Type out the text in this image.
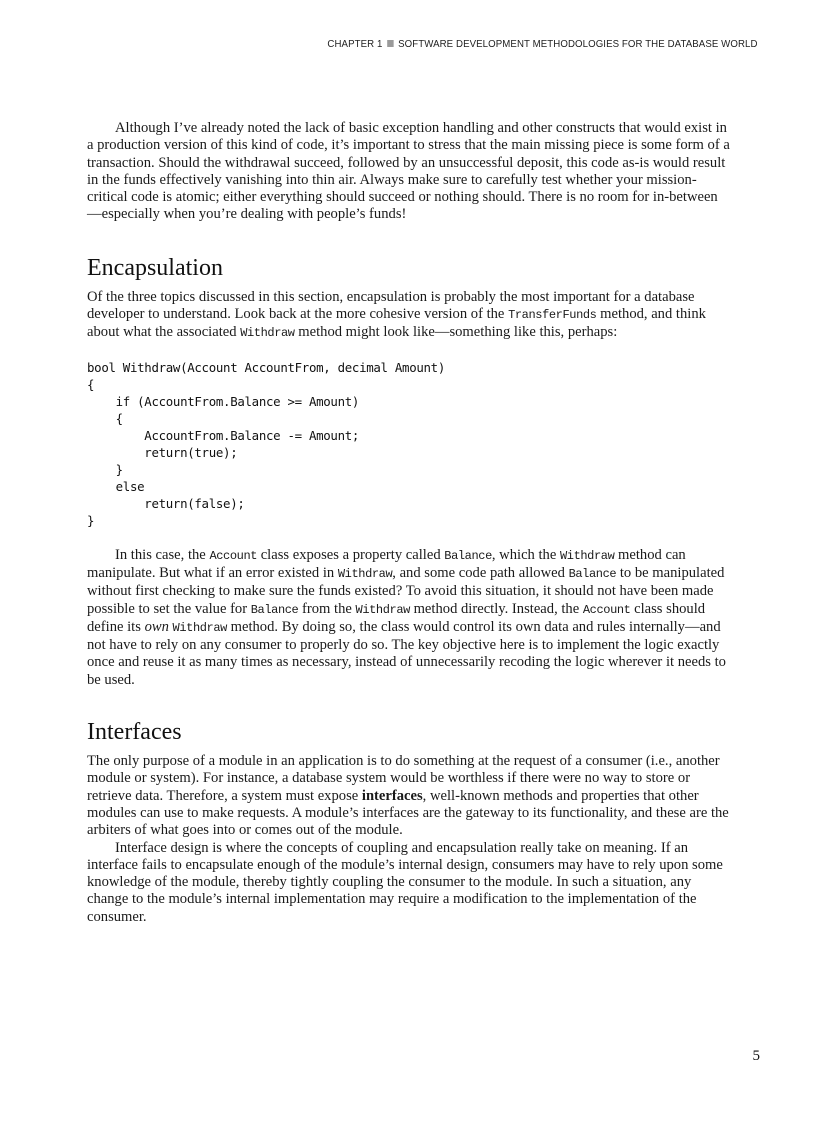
CHAPTER 1 SOFTWARE DEVELOPMENT METHODOLOGIES FOR THE DATABASE WORLD

Although I’ve already noted the lack of basic exception handling and other constructs that would exist in a production version of this kind of code, it’s important to stress that the main missing piece is some form of a transaction. Should the withdrawal succeed, followed by an unsuccessful deposit, this code as-is would result in the funds effectively vanishing into thin air. Always make sure to carefully test whether your mission-critical code is atomic; either everything should succeed or nothing should. There is no room for in-between—especially when you’re dealing with people’s funds!

Encapsulation

Of the three topics discussed in this section, encapsulation is probably the most important for a database developer to understand. Look back at the more cohesive version of the TransferFunds method, and think about what the associated Withdraw method might look like—something like this, perhaps:

bool Withdraw(Account AccountFrom, decimal Amount)
{
if (AccountFrom.Balance >= Amount)
{
AccountFrom.Balance -= Amount;
return(true);
}
else
return(false);
}

In this case, the Account class exposes a property called Balance, which the Withdraw method can manipulate. But what if an error existed in Withdraw, and some code path allowed Balance to be manipulated without first checking to make sure the funds existed? To avoid this situation, it should not have been made possible to set the value for Balance from the Withdraw method directly. Instead, the Account class should define its own Withdraw method. By doing so, the class would control its own data and rules internally—and not have to rely on any consumer to properly do so. The key objective here is to implement the logic exactly once and reuse it as many times as necessary, instead of unnecessarily recoding the logic wherever it needs to be used.

Interfaces

The only purpose of a module in an application is to do something at the request of a consumer (i.e., another module or system). For instance, a database system would be worthless if there were no way to store or retrieve data. Therefore, a system must expose interfaces, well-known methods and properties that other modules can use to make requests. A module’s interfaces are the gateway to its functionality, and these are the arbiters of what goes into or comes out of the module.

Interface design is where the concepts of coupling and encapsulation really take on meaning. If an interface fails to encapsulate enough of the module’s internal design, consumers may have to rely upon some knowledge of the module, thereby tightly coupling the consumer to the module. In such a situation, any change to the module’s internal implementation may require a modification to the implementation of the consumer.

5
